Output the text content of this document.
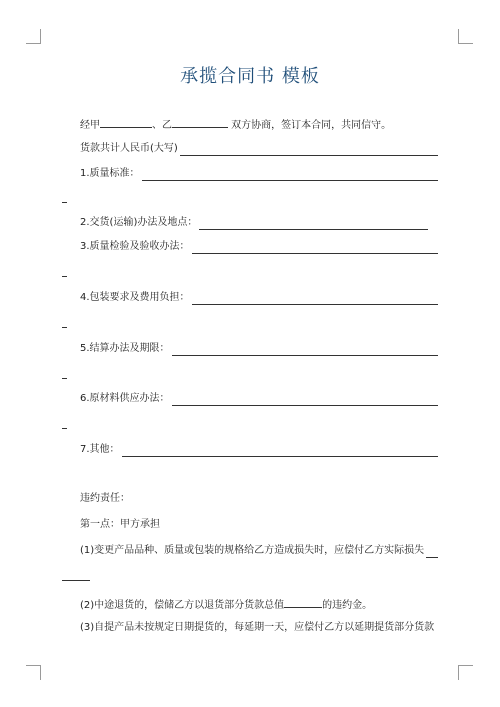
承揽合同书 模板
经甲	、乙	双方协商，签订本合同，共同信守。
货款共计人民币(大写)
1.质量标准：
2.交货(运输)办法及地点：
3.质量检验及验收办法：
4.包装要求及费用负担：
5.结算办法及期限：
6.原材料供应办法：
7.其他：
违约责任：
第一点：甲方承担
(1)变更产品品种、质量或包装的规格给乙方造成损失时，应偿付乙方实际损失
(2)中途退货的，偿储乙方以退货部分货款总值	的违约金。
(3)自提产品未按规定日期提货的，每延期一天，应偿付乙方以延期提货部分货款
